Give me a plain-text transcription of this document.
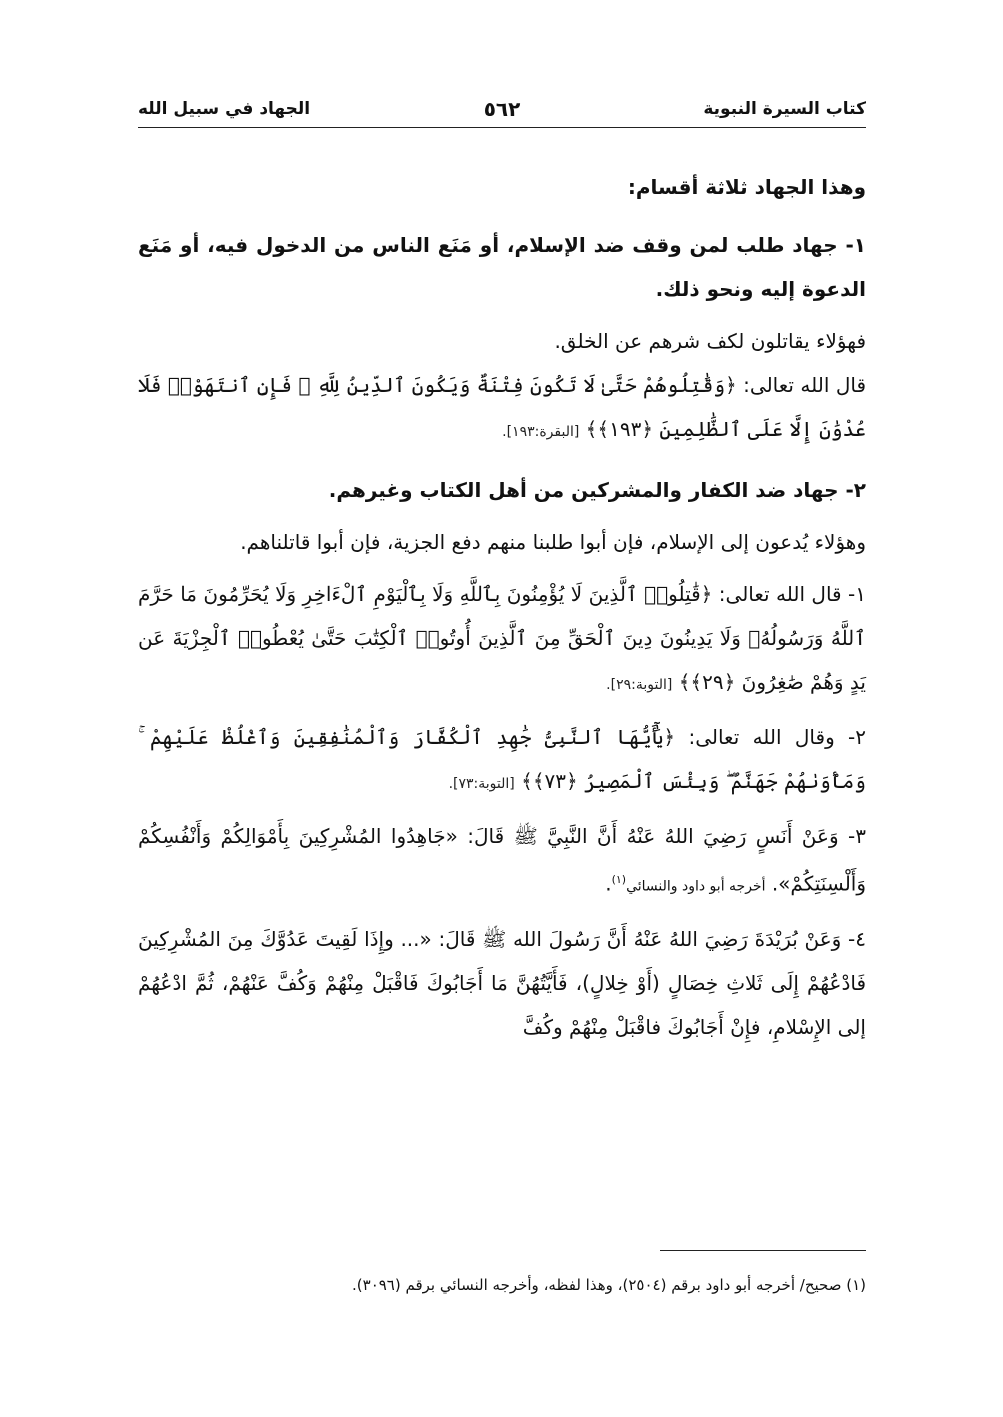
كتاب السيرة النبوية
٥٦٢
الجهاد في سبيل الله

وهذا الجهاد ثلاثة أقسام:

١- جهاد طلب لمن وقف ضد الإسلام، أو مَنَع الناس من الدخول فيه، أو مَنَع الدعوة إليه ونحو ذلك.

فهؤلاء يقاتلون لكف شرهم عن الخلق.

قال الله تعالى: ﴿وَقَٰتِلُوهُمْ حَتَّىٰ لَا تَكُونَ فِتْنَةٌ وَيَكُونَ ٱلدِّينُ لِلَّهِ ۖ فَإِنِ ٱنتَهَوْا۟ فَلَا عُدْوَٰنَ إِلَّا عَلَى ٱلظَّٰلِمِينَ ﴿١٩٣﴾﴾ [البقرة:١٩٣].

٢- جهاد ضد الكفار والمشركين من أهل الكتاب وغيرهم.

وهؤلاء يُدعون إلى الإسلام، فإن أبوا طلبنا منهم دفع الجزية، فإن أبوا قاتلناهم.

١- قال الله تعالى: ﴿قَٰتِلُوا۟ ٱلَّذِينَ لَا يُؤْمِنُونَ بِٱللَّهِ وَلَا بِٱلْيَوْمِ ٱلْءَاخِرِ وَلَا يُحَرِّمُونَ مَا حَرَّمَ ٱللَّهُ وَرَسُولُهُۥ وَلَا يَدِينُونَ دِينَ ٱلْحَقِّ مِنَ ٱلَّذِينَ أُوتُوا۟ ٱلْكِتَٰبَ حَتَّىٰ يُعْطُوا۟ ٱلْجِزْيَةَ عَن يَدٍ وَهُمْ صَٰغِرُونَ ﴿٢٩﴾﴾ [التوبة:٢٩].

٢- وقال الله تعالى: ﴿يَٰٓأَيُّهَا ٱلنَّبِىُّ جَٰهِدِ ٱلْكُفَّارَ وَٱلْمُنَٰفِقِينَ وَٱغْلُظْ عَلَيْهِمْ ۚ وَمَأْوَىٰهُمْ جَهَنَّمُ ۖ وَبِئْسَ ٱلْمَصِيرُ ﴿٧٣﴾﴾ [التوبة:٧٣].

٣- وَعَنْ أَنَسٍ رَضِيَ اللهُ عَنْهُ أَنَّ النَّبِيَّ ﷺ قَالَ: «جَاهِدُوا المُشْرِكِينَ بِأَمْوَالِكُمْ وَأَنْفُسِكُمْ وَأَلْسِنَتِكُمْ». أخرجه أبو داود والنسائي$^{(١)}$.

٤- وَعَنْ بُرَيْدَةَ رَضِيَ اللهُ عَنْهُ أَنَّ رَسُولَ الله ﷺ قَالَ: «... وإِذَا لَقِيتَ عَدُوَّكَ مِنَ المُشْرِكِينَ فَادْعُهُمْ إِلَى ثَلاثِ خِصَالٍ (أَوْ خِلالٍ)، فَأَيَّتُهُنَّ مَا أَجَابُوكَ فَاقْبَلْ مِنْهُمْ وَكُفَّ عَنْهُمْ، ثُمَّ ادْعُهُمْ إلى الإِسْلامِ، فإِنْ أَجَابُوكَ فاقْبَلْ مِنْهُمْ وكُفَّ

(١) صحيح/ أخرجه أبو داود برقم (٢٥٠٤)، وهذا لفظه، وأخرجه النسائي برقم (٣٠٩٦).
